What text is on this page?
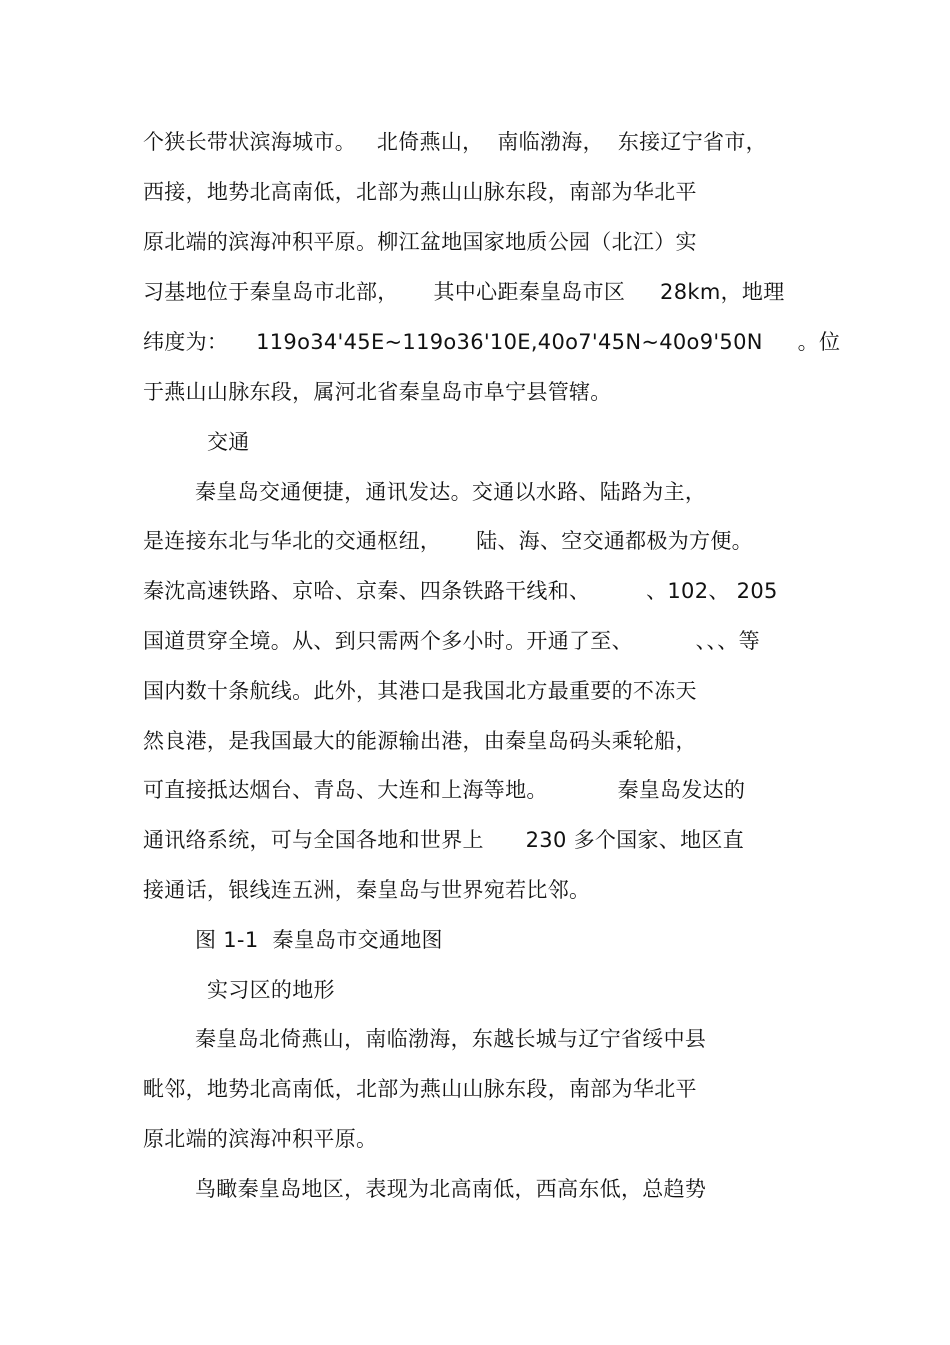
个狭长带状滨海城市。   北倚燕山，  南临渤海，  东接辽宁省市，
西接，地势北高南低，北部为燕山山脉东段，南部为华北平
原北端的滨海冲积平原。柳江盆地国家地质公园（北江）实
习基地位于秦皇岛市北部，     其中心距秦皇岛市区     28km，地理
纬度为：    119o34'45E~119o36'10E,40o7'45N~40o9'50N     。位
于燕山山脉东段，属河北省秦皇岛市阜宁县管辖。
交通
秦皇岛交通便捷，通讯发达。交通以水路、陆路为主，
是连接东北与华北的交通枢纽，     陆、海、空交通都极为方便。
秦沈高速铁路、京哈、京秦、四条铁路干线和、        、102、 205
国道贯穿全境。从、到只需两个多小时。开通了至、         、、、等
国内数十条航线。此外，其港口是我国北方最重要的不冻天
然良港，是我国最大的能源输出港，由秦皇岛码头乘轮船，
可直接抵达烟台、青岛、大连和上海等地。          秦皇岛发达的
通讯络系统，可与全国各地和世界上      230 多个国家、地区直
接通话，银线连五洲，秦皇岛与世界宛若比邻。
图 1-1  秦皇岛市交通地图
实习区的地形
秦皇岛北倚燕山，南临渤海，东越长城与辽宁省绥中县
毗邻，地势北高南低，北部为燕山山脉东段，南部为华北平
原北端的滨海冲积平原。
鸟瞰秦皇岛地区，表现为北高南低，西高东低，总趋势
